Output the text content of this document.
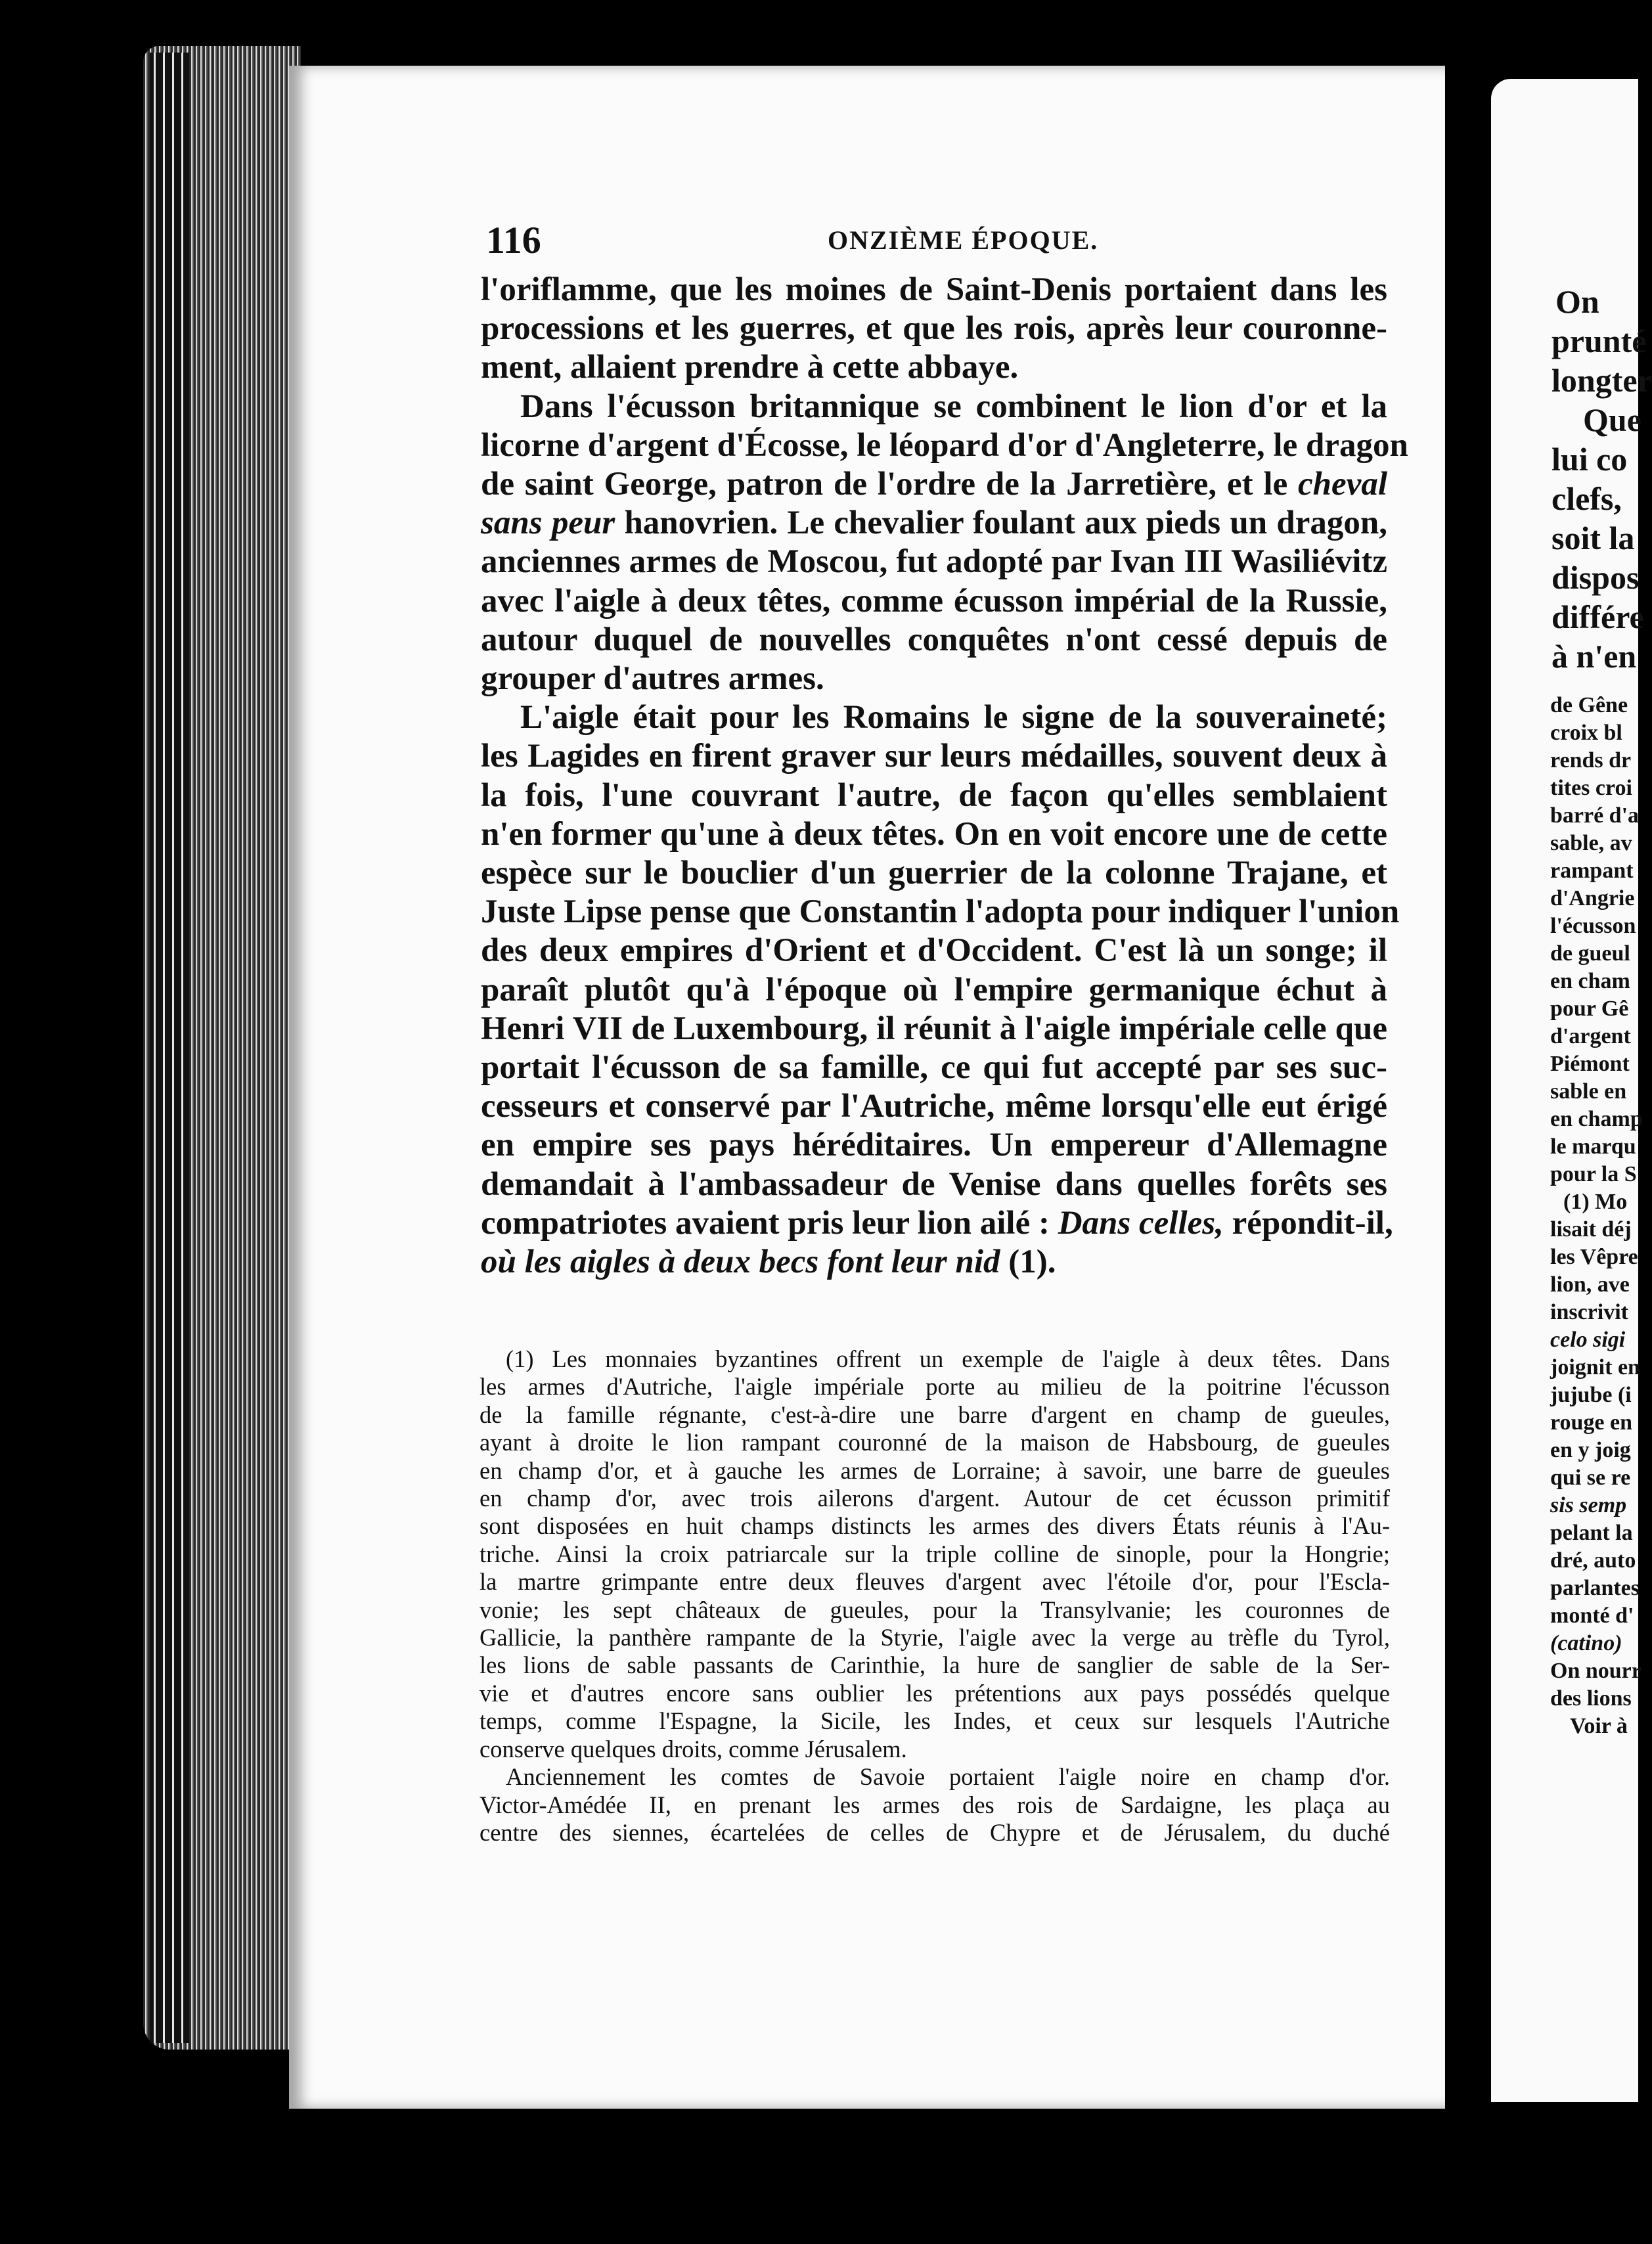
116	ONZIÈME ÉPOQUE.
l'oriflamme, que les moines de Saint-Denis portaient dans les
processions et les guerres, et que les rois, après leur couronne-
ment, allaient prendre à cette abbaye.
Dans l'écusson britannique se combinent le lion d'or et la
licorne d'argent d'Écosse, le léopard d'or d'Angleterre, le dragon
de saint George, patron de l'ordre de la Jarretière, et le cheval
sans peur hanovrien. Le chevalier foulant aux pieds un dragon,
anciennes armes de Moscou, fut adopté par Ivan III Wasiliévitz
avec l'aigle à deux têtes, comme écusson impérial de la Russie,
autour duquel de nouvelles conquêtes n'ont cessé depuis de
grouper d'autres armes.
L'aigle était pour les Romains le signe de la souveraineté;
les Lagides en firent graver sur leurs médailles, souvent deux à
la fois, l'une couvrant l'autre, de façon qu'elles semblaient
n'en former qu'une à deux têtes. On en voit encore une de cette
espèce sur le bouclier d'un guerrier de la colonne Trajane, et
Juste Lipse pense que Constantin l'adopta pour indiquer l'union
des deux empires d'Orient et d'Occident. C'est là un songe; il
paraît plutôt qu'à l'époque où l'empire germanique échut à
Henri VII de Luxembourg, il réunit à l'aigle impériale celle que
portait l'écusson de sa famille, ce qui fut accepté par ses suc-
cesseurs et conservé par l'Autriche, même lorsqu'elle eut érigé
en empire ses pays héréditaires. Un empereur d'Allemagne
demandait à l'ambassadeur de Venise dans quelles forêts ses
compatriotes avaient pris leur lion ailé : Dans celles, répondit-il,
où les aigles à deux becs font leur nid (1).
(1) Les monnaies byzantines offrent un exemple de l'aigle à deux têtes. Dans
les armes d'Autriche, l'aigle impériale porte au milieu de la poitrine l'écusson
de la famille régnante, c'est-à-dire une barre d'argent en champ de gueules,
ayant à droite le lion rampant couronné de la maison de Habsbourg, de gueules
en champ d'or, et à gauche les armes de Lorraine; à savoir, une barre de gueules
en champ d'or, avec trois ailerons d'argent. Autour de cet écusson primitif
sont disposées en huit champs distincts les armes des divers États réunis à l'Au-
triche. Ainsi la croix patriarcale sur la triple colline de sinople, pour la Hongrie;
la martre grimpante entre deux fleuves d'argent avec l'étoile d'or, pour l'Escla-
vonie; les sept châteaux de gueules, pour la Transylvanie; les couronnes de
Gallicie, la panthère rampante de la Styrie, l'aigle avec la verge au trèfle du Tyrol,
les lions de sable passants de Carinthie, la hure de sanglier de sable de la Ser-
vie et d'autres encore sans oublier les prétentions aux pays possédés quelque
temps, comme l'Espagne, la Sicile, les Indes, et ceux sur lesquels l'Autriche
conserve quelques droits, comme Jérusalem.
Anciennement les comtes de Savoie portaient l'aigle noire en champ d'or.
Victor-Amédée II, en prenant les armes des rois de Sardaigne, les plaça au
centre des siennes, écartelées de celles de Chypre et de Jérusalem, du duché
On
prunté
longter
Que
lui co
clefs,
soit la
dispos
différe
à n'en
de Gêne
croix bl
rends dr
tites croi
barré d'a
sable, av
rampant
d'Angrie
l'écusson
de gueul
en cham
pour Gê
d'argent
Piémont
sable en
en champ
le marqu
pour la S
(1) Mo
lisait déj
les Vêpre
lion, ave
inscrivit
celo sigi
joignit en
jujube (i
rouge en
en y joig
qui se re
sis semp
pelant la
dré, auto
parlantes
monté d'
(catino)
On nourr
des lions
Voir à
